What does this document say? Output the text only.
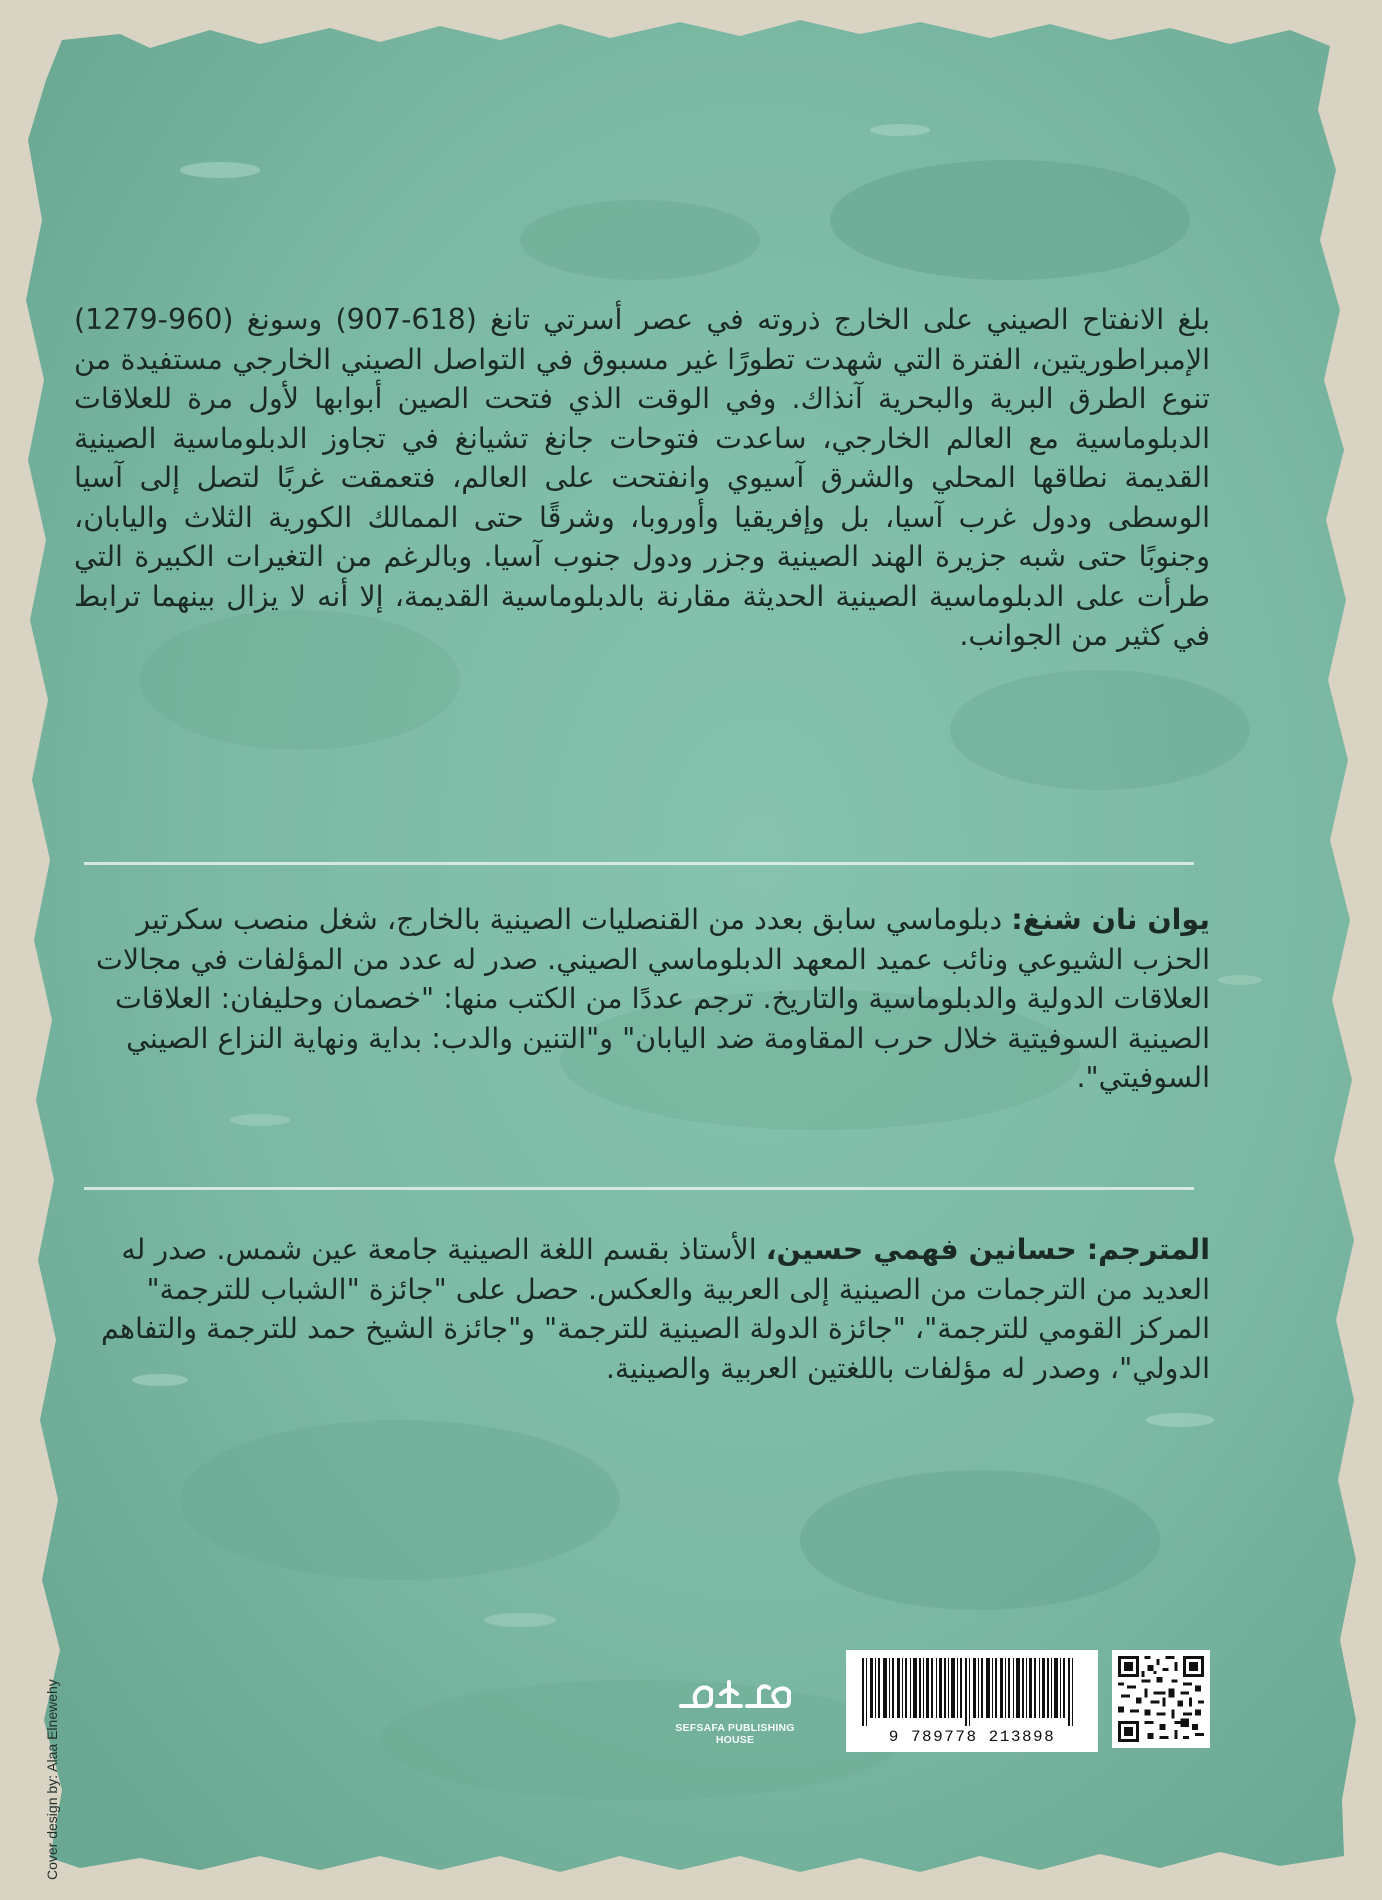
بلغ الانفتاح الصيني على الخارج ذروته في عصر أسرتي تانغ (618-907) وسونغ (960-1279) الإمبراطوريتين، الفترة التي شهدت تطورًا غير مسبوق في التواصل الصيني الخارجي مستفيدة من تنوع الطرق البرية والبحرية آنذاك. وفي الوقت الذي فتحت الصين أبوابها لأول مرة للعلاقات الدبلوماسية مع العالم الخارجي، ساعدت فتوحات جانغ تشيانغ في تجاوز الدبلوماسية الصينية القديمة نطاقها المحلي والشرق آسيوي وانفتحت على العالم، فتعمقت غربًا لتصل إلى آسيا الوسطى ودول غرب آسيا، بل وإفريقيا وأوروبا، وشرقًا حتى الممالك الكورية الثلاث واليابان، وجنوبًا حتى شبه جزيرة الهند الصينية وجزر ودول جنوب آسيا. وبالرغم من التغيرات الكبيرة التي طرأت على الدبلوماسية الصينية الحديثة مقارنة بالدبلوماسية القديمة، إلا أنه لا يزال بينهما ترابط في كثير من الجوانب.

يوان نان شنغ: دبلوماسي سابق بعدد من القنصليات الصينية بالخارج، شغل منصب سكرتير الحزب الشيوعي ونائب عميد المعهد الدبلوماسي الصيني. صدر له عدد من المؤلفات في مجالات العلاقات الدولية والدبلوماسية والتاريخ. ترجم عددًا من الكتب منها: "خصمان وحليفان: العلاقات الصينية السوفيتية خلال حرب المقاومة ضد اليابان" و"التنين والدب: بداية ونهاية النزاع الصيني السوفيتي".

المترجم: حسانين فهمي حسين، الأستاذ بقسم اللغة الصينية جامعة عين شمس. صدر له العديد من الترجمات من الصينية إلى العربية والعكس. حصل على "جائزة "الشباب للترجمة" المركز القومي للترجمة"، "جائزة الدولة الصينية للترجمة" و"جائزة الشيخ حمد للترجمة والتفاهم الدولي"، وصدر له مؤلفات باللغتين العربية والصينية.

Cover design by: Alaa Elnewehy	SEFSAFA PUBLISHING HOUSE	9 789778 213898
